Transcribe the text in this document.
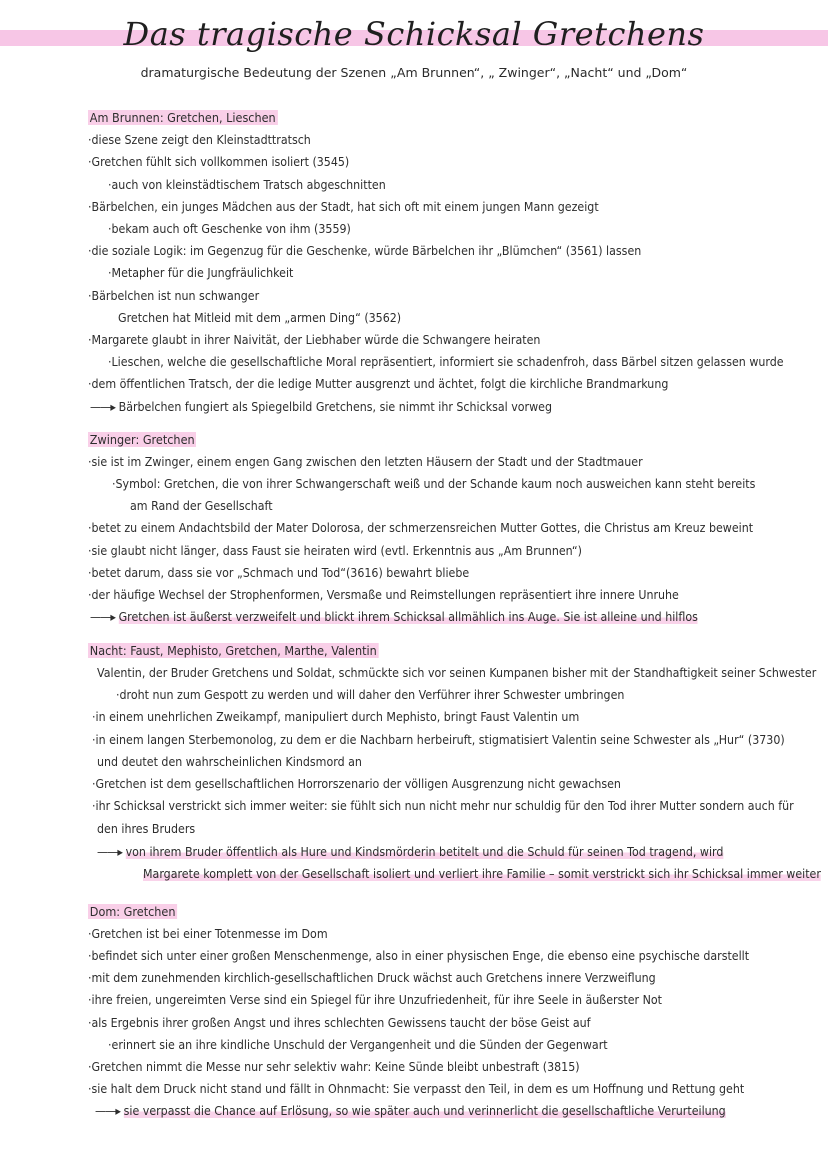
Das tragische Schicksal Gretchens
dramaturgische Bedeutung der Szenen „Am Brunnen“, „ Zwinger“, „Nacht“ und „Dom“
Am Brunnen: Gretchen, Lieschen
·diese Szene zeigt den Kleinstadttratsch
·Gretchen fühlt sich vollkommen isoliert (3545)
·auch von kleinstädtischem Tratsch abgeschnitten
·Bärbelchen, ein junges Mädchen aus der Stadt, hat sich oft mit einem jungen Mann gezeigt
·bekam auch oft Geschenke von ihm (3559)
·die soziale Logik: im Gegenzug für die Geschenke, würde Bärbelchen ihr „Blümchen“ (3561) lassen
·Metapher für die Jungfräulichkeit
·Bärbelchen ist nun schwanger
Gretchen hat Mitleid mit dem „armen Ding“ (3562)
·Margarete glaubt in ihrer Naivität, der Liebhaber würde die Schwangere heiraten
·Lieschen, welche die gesellschaftliche Moral repräsentiert, informiert sie schadenfroh, dass Bärbel sitzen gelassen wurde
·dem öffentlichen Tratsch, der die ledige Mutter ausgrenzt und ächtet, folgt die kirchliche Brandmarkung
——▸ Bärbelchen fungiert als Spiegelbild Gretchens, sie nimmt ihr Schicksal vorweg
Zwinger: Gretchen
·sie ist im Zwinger, einem engen Gang zwischen den letzten Häusern der Stadt und der Stadtmauer
·Symbol: Gretchen, die von ihrer Schwangerschaft weiß und der Schande kaum noch ausweichen kann steht bereits
am Rand der Gesellschaft
·betet zu einem Andachtsbild der Mater Dolorosa, der schmerzensreichen Mutter Gottes, die Christus am Kreuz beweint
·sie glaubt nicht länger, dass Faust sie heiraten wird (evtl. Erkenntnis aus „Am Brunnen“)
·betet darum, dass sie vor „Schmach und Tod“(3616) bewahrt bliebe
·der häufige Wechsel der Strophenformen, Versmaße und Reimstellungen repräsentiert ihre innere Unruhe
——▸ Gretchen ist äußerst verzweifelt und blickt ihrem Schicksal allmählich ins Auge. Sie ist alleine und hilflos
Nacht: Faust, Mephisto, Gretchen, Marthe, Valentin
Valentin, der Bruder Gretchens und Soldat, schmückte sich vor seinen Kumpanen bisher mit der Standhaftigkeit seiner Schwester
·droht nun zum Gespott zu werden und will daher den Verführer ihrer Schwester umbringen
·in einem unehrlichen Zweikampf, manipuliert durch Mephisto, bringt Faust Valentin um
·in einem langen Sterbemonolog, zu dem er die Nachbarn herbeiruft, stigmatisiert Valentin seine Schwester als „Hur“ (3730)
und deutet den wahrscheinlichen Kindsmord an
·Gretchen ist dem gesellschaftlichen Horrorszenario der völligen Ausgrenzung nicht gewachsen
·ihr Schicksal verstrickt sich immer weiter: sie fühlt sich nun nicht mehr nur schuldig für den Tod ihrer Mutter sondern auch für
den ihres Bruders
——▸ von ihrem Bruder öffentlich als Hure und Kindsmörderin betitelt und die Schuld für seinen Tod tragend, wird
Margarete komplett von der Gesellschaft isoliert und verliert ihre Familie – somit verstrickt sich ihr Schicksal immer weiter
Dom: Gretchen
·Gretchen ist bei einer Totenmesse im Dom
·befindet sich unter einer großen Menschenmenge, also in einer physischen Enge, die ebenso eine psychische darstellt
·mit dem zunehmenden kirchlich-gesellschaftlichen Druck wächst auch Gretchens innere Verzweiflung
·ihre freien, ungereimten Verse sind ein Spiegel für ihre Unzufriedenheit, für ihre Seele in äußerster Not
·als Ergebnis ihrer großen Angst und ihres schlechten Gewissens taucht der böse Geist auf
·erinnert sie an ihre kindliche Unschuld der Vergangenheit und die Sünden der Gegenwart
·Gretchen nimmt die Messe nur sehr selektiv wahr: Keine Sünde bleibt unbestraft (3815)
·sie halt dem Druck nicht stand und fällt in Ohnmacht: Sie verpasst den Teil, in dem es um Hoffnung und Rettung geht
——▸ sie verpasst die Chance auf Erlösung, so wie später auch und verinnerlicht die gesellschaftliche Verurteilung
